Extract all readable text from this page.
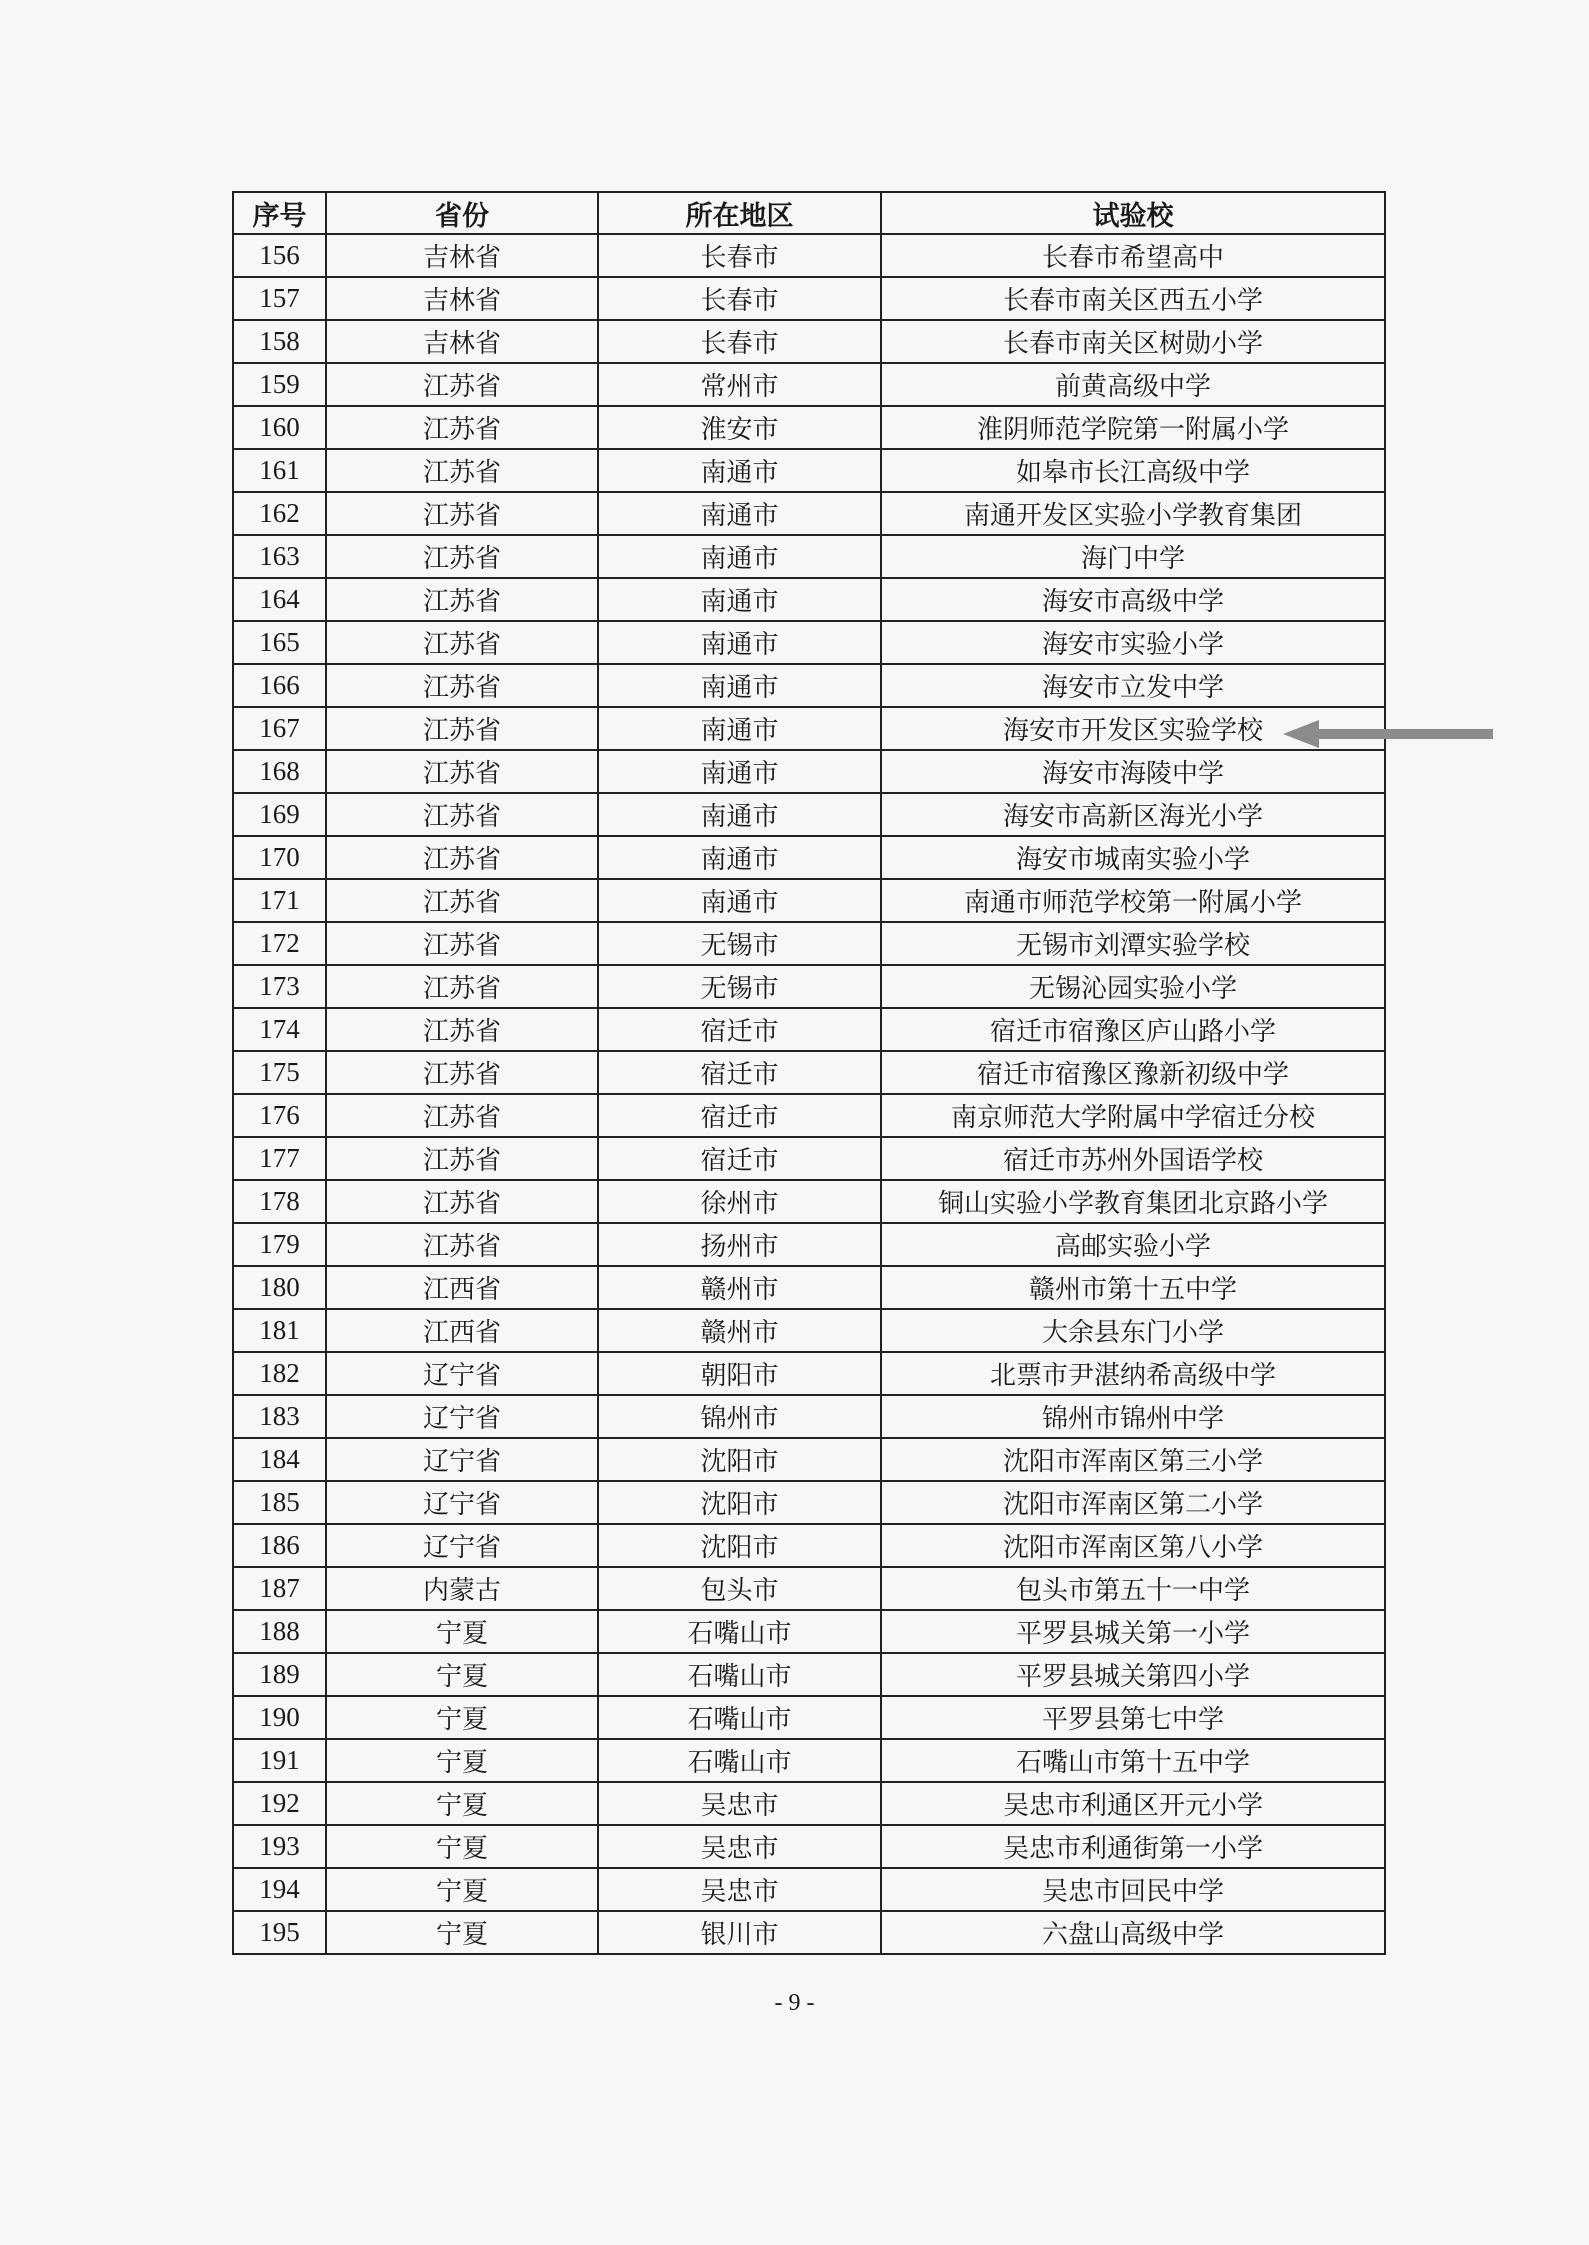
序号	省份	所在地区	试验校
156	吉林省	长春市	长春市希望高中
157	吉林省	长春市	长春市南关区西五小学
158	吉林省	长春市	长春市南关区树勋小学
159	江苏省	常州市	前黄高级中学
160	江苏省	淮安市	淮阴师范学院第一附属小学
161	江苏省	南通市	如皋市长江高级中学
162	江苏省	南通市	南通开发区实验小学教育集团
163	江苏省	南通市	海门中学
164	江苏省	南通市	海安市高级中学
165	江苏省	南通市	海安市实验小学
166	江苏省	南通市	海安市立发中学
167	江苏省	南通市	海安市开发区实验学校
168	江苏省	南通市	海安市海陵中学
169	江苏省	南通市	海安市高新区海光小学
170	江苏省	南通市	海安市城南实验小学
171	江苏省	南通市	南通市师范学校第一附属小学
172	江苏省	无锡市	无锡市刘潭实验学校
173	江苏省	无锡市	无锡沁园实验小学
174	江苏省	宿迁市	宿迁市宿豫区庐山路小学
175	江苏省	宿迁市	宿迁市宿豫区豫新初级中学
176	江苏省	宿迁市	南京师范大学附属中学宿迁分校
177	江苏省	宿迁市	宿迁市苏州外国语学校
178	江苏省	徐州市	铜山实验小学教育集团北京路小学
179	江苏省	扬州市	高邮实验小学
180	江西省	赣州市	赣州市第十五中学
181	江西省	赣州市	大余县东门小学
182	辽宁省	朝阳市	北票市尹湛纳希高级中学
183	辽宁省	锦州市	锦州市锦州中学
184	辽宁省	沈阳市	沈阳市浑南区第三小学
185	辽宁省	沈阳市	沈阳市浑南区第二小学
186	辽宁省	沈阳市	沈阳市浑南区第八小学
187	内蒙古	包头市	包头市第五十一中学
188	宁夏	石嘴山市	平罗县城关第一小学
189	宁夏	石嘴山市	平罗县城关第四小学
190	宁夏	石嘴山市	平罗县第七中学
191	宁夏	石嘴山市	石嘴山市第十五中学
192	宁夏	吴忠市	吴忠市利通区开元小学
193	宁夏	吴忠市	吴忠市利通街第一小学
194	宁夏	吴忠市	吴忠市回民中学
195	宁夏	银川市	六盘山高级中学
- 9 -
